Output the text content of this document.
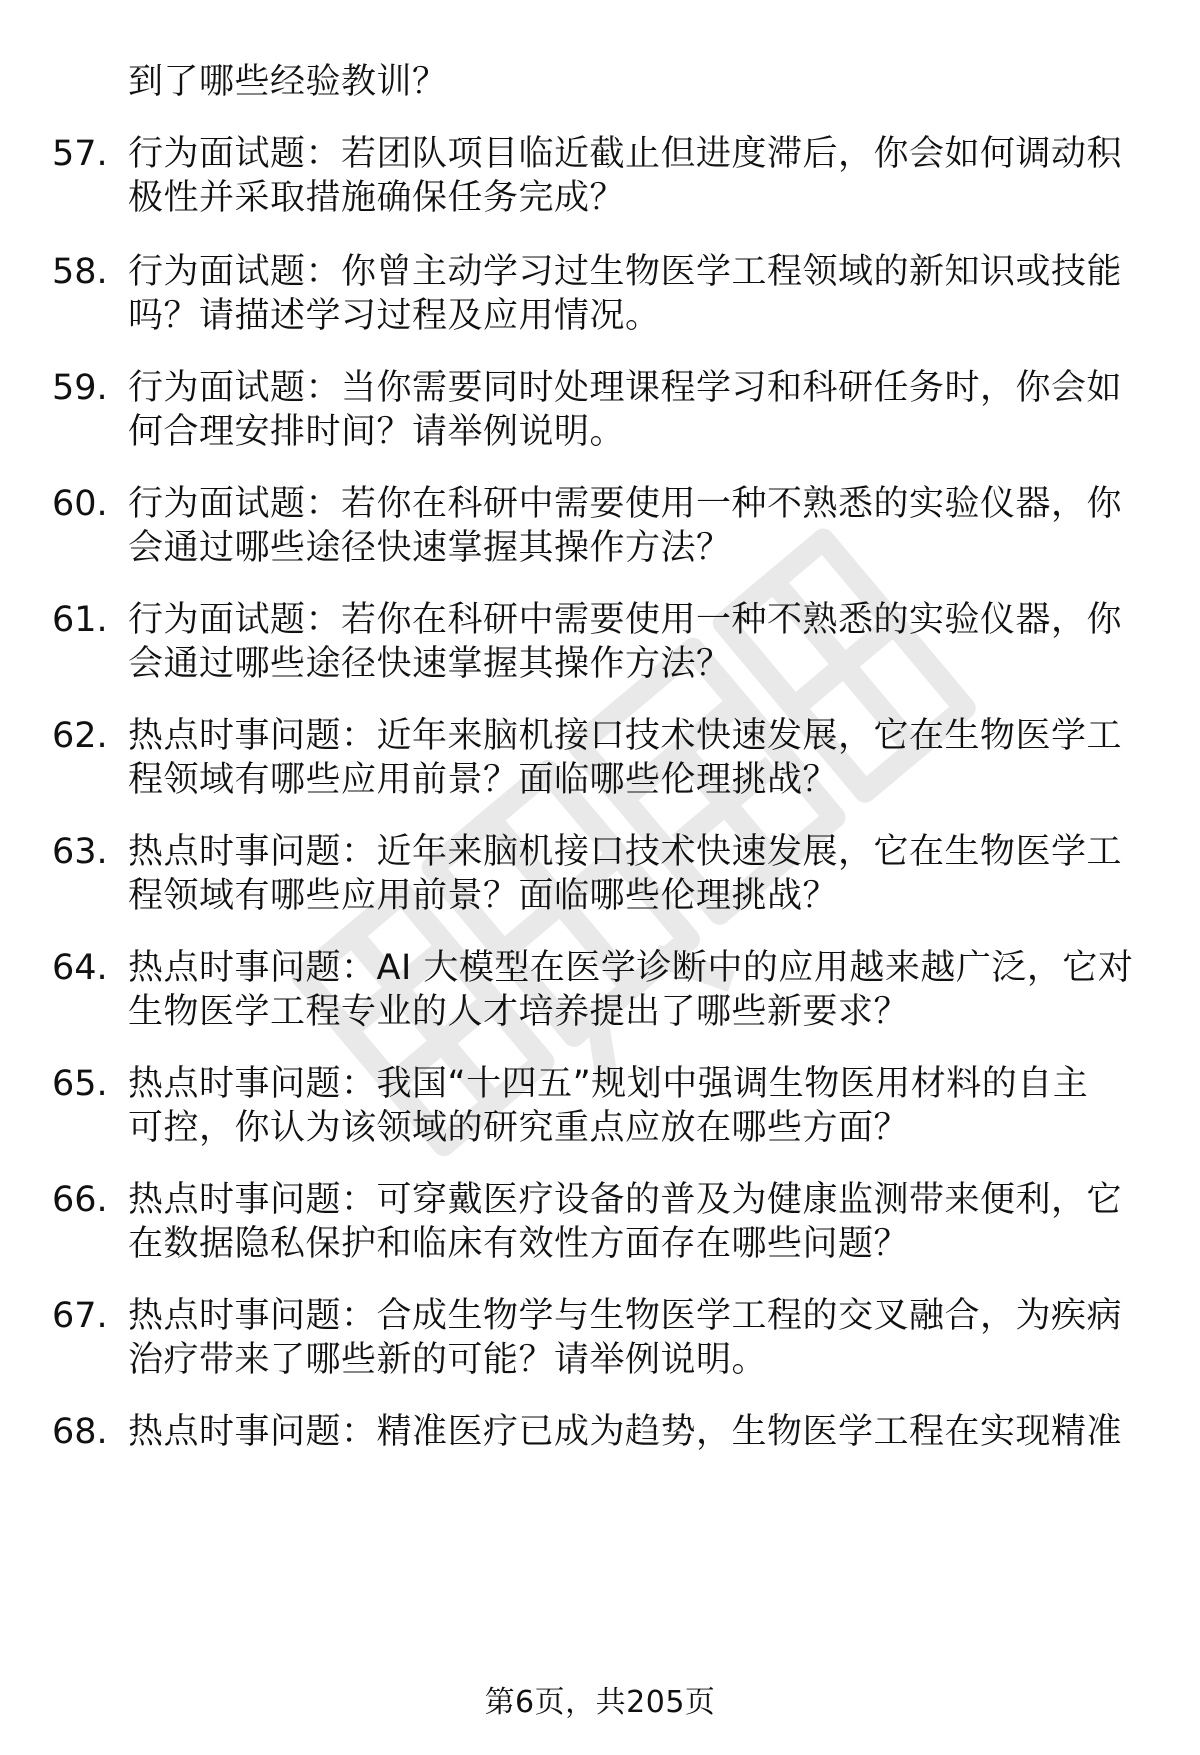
到了哪些经验教训？
57. 行为面试题：若团队项目临近截止但进度滞后，你会如何调动积
极性并采取措施确保任务完成？
58. 行为面试题：你曾主动学习过生物医学工程领域的新知识或技能
吗？请描述学习过程及应用情况。
59. 行为面试题：当你需要同时处理课程学习和科研任务时，你会如
何合理安排时间？请举例说明。
60. 行为面试题：若你在科研中需要使用一种不熟悉的实验仪器，你
会通过哪些途径快速掌握其操作方法？
61. 行为面试题：若你在科研中需要使用一种不熟悉的实验仪器，你
会通过哪些途径快速掌握其操作方法？
62. 热点时事问题：近年来脑机接口技术快速发展，它在生物医学工
程领域有哪些应用前景？面临哪些伦理挑战？
63. 热点时事问题：近年来脑机接口技术快速发展，它在生物医学工
程领域有哪些应用前景？面临哪些伦理挑战？
64. 热点时事问题：AI 大模型在医学诊断中的应用越来越广泛，它对
生物医学工程专业的人才培养提出了哪些新要求？
65. 热点时事问题：我国“十四五”规划中强调生物医用材料的自主
可控，你认为该领域的研究重点应放在哪些方面？
66. 热点时事问题：可穿戴医疗设备的普及为健康监测带来便利，它
在数据隐私保护和临床有效性方面存在哪些问题？
67. 热点时事问题：合成生物学与生物医学工程的交叉融合，为疾病
治疗带来了哪些新的可能？请举例说明。
68. 热点时事问题：精准医疗已成为趋势，生物医学工程在实现精准
第6页，共205页
